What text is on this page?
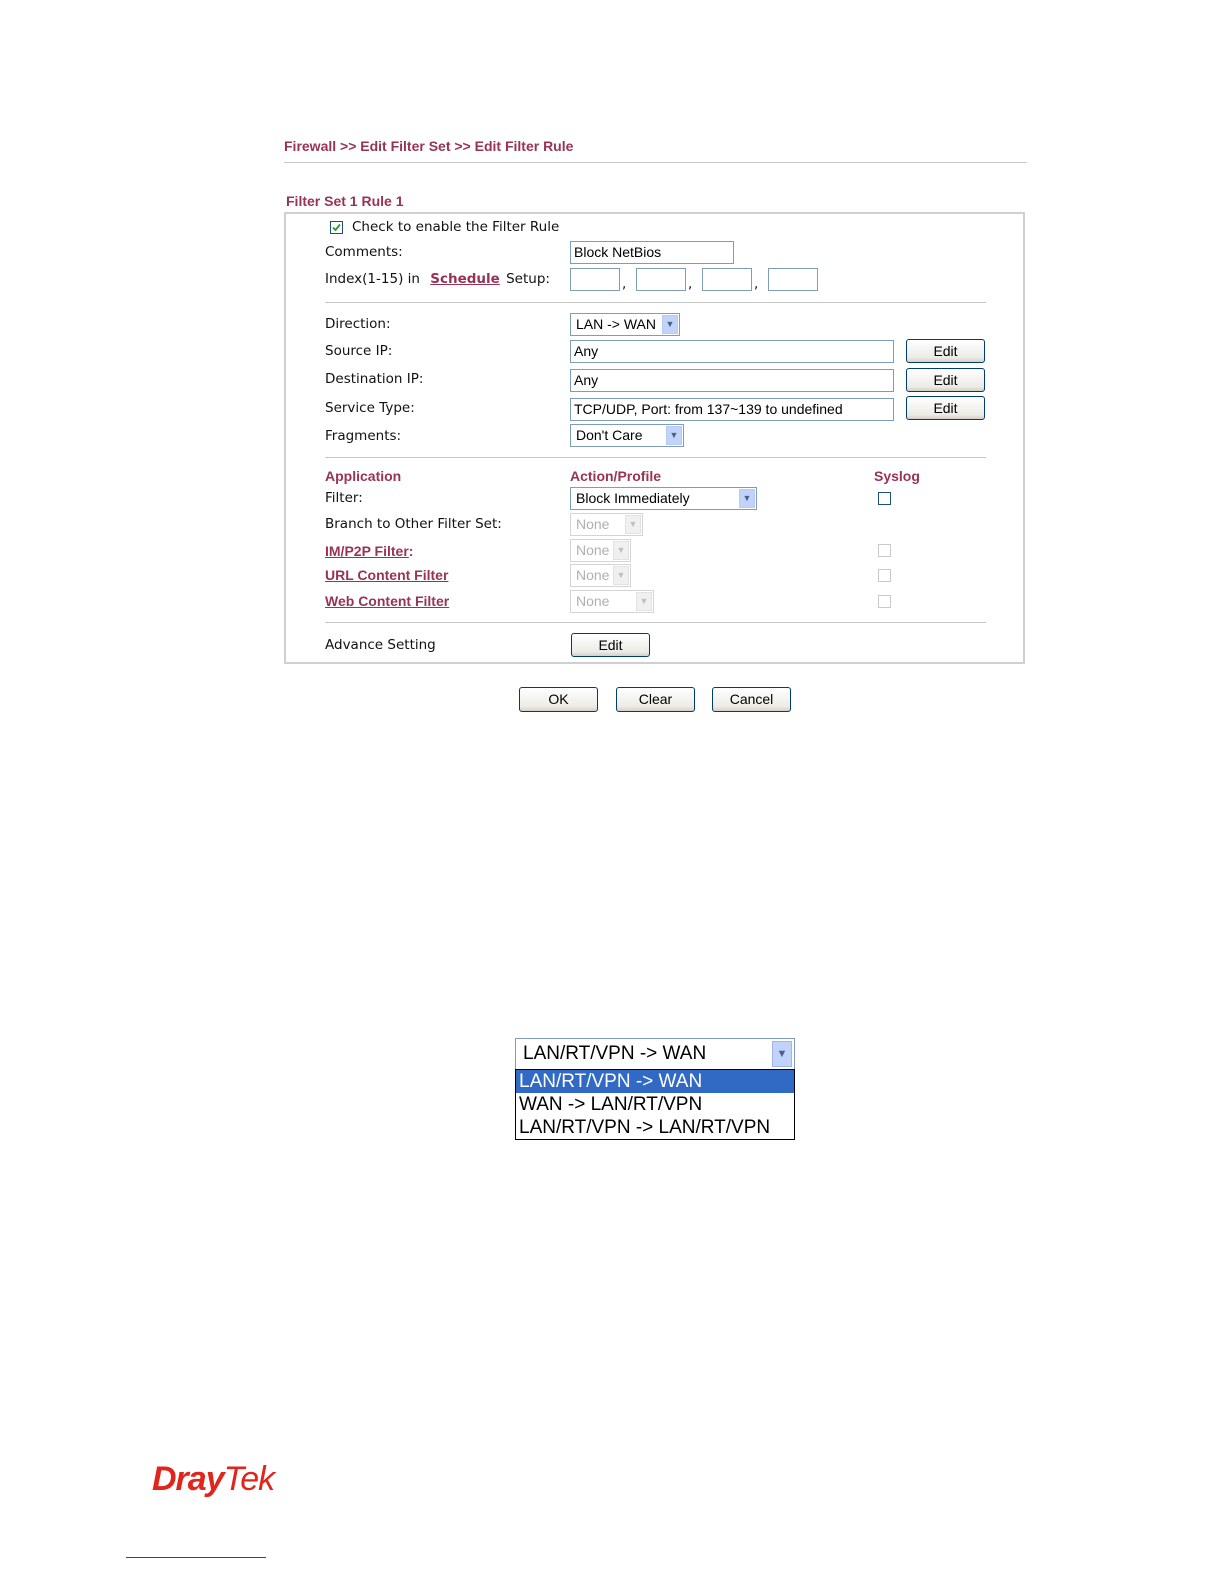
Firewall >> Edit Filter Set >> Edit Filter Rule
Filter Set 1 Rule 1
Check to enable the Filter Rule
Comments:	Block NetBios
Index(1-15) in Schedule Setup:	,	,	,
Direction:	LAN -> WAN	▼
Source IP:	Any	Edit
Destination IP:	Any	Edit
Service Type:	TCP/UDP, Port: from 137~139 to undefined	Edit
Fragments:	Don't Care	▼
Application	Action/Profile	Syslog
Filter:	Block Immediately	▼
Branch to Other Filter Set:	None	▼
IM/P2P Filter:	None ▼
URL Content Filter	None ▼
Web Content Filter	None	▼
Advance Setting	Edit
OK	Clear	Cancel
LAN/RT/VPN -> WAN	▼
LAN/RT/VPN -> WAN
WAN -> LAN/RT/VPN
LAN/RT/VPN -> LAN/RT/VPN
DrayTek
